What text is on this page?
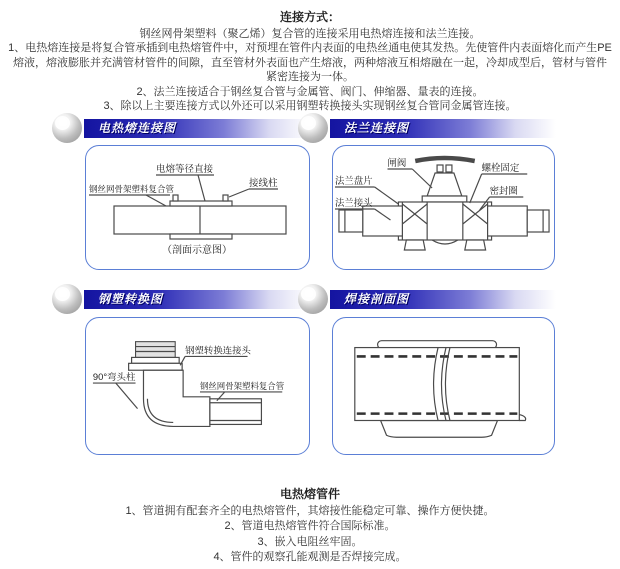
连接方式：

钢丝网骨架塑料（聚乙烯）复合管的连接采用电热熔连接和法兰连接。

1、电热熔连接是将复合管承插到电热熔管件中，对预埋在管件内表面的电热丝通电使其发热。先使管件内表面熔化而产生PE熔液，熔液膨胀并充满管材管件的间隙，直至管材外表面也产生熔液，两种熔液互相熔融在一起，冷却成型后，管材与管件紧密连接为一体。

2、法兰连接适合于钢丝复合管与金属管、阀门、伸缩器、量表的连接。

3、除以上主要连接方式以外还可以采用钢塑转换接头实现钢丝复合管同金属管连接。

电热熔连接图
电熔等径直接
接线柱
钢丝网骨架塑料复合管
（剖面示意图）
法兰连接图
闸阀	螺栓固定
密封圈
法兰盘片
法兰接头
钢塑转换图
钢塑转换连接头
90°弯头柱
钢丝网骨架塑料复合管
焊接剖面图
电热熔管件

1、管道拥有配套齐全的电热熔管件，其熔接性能稳定可靠、操作方便快捷。

2、管道电热熔管件符合国际标准。

3、嵌入电阻丝牢固。

4、管件的观察孔能观测是否焊接完成。
